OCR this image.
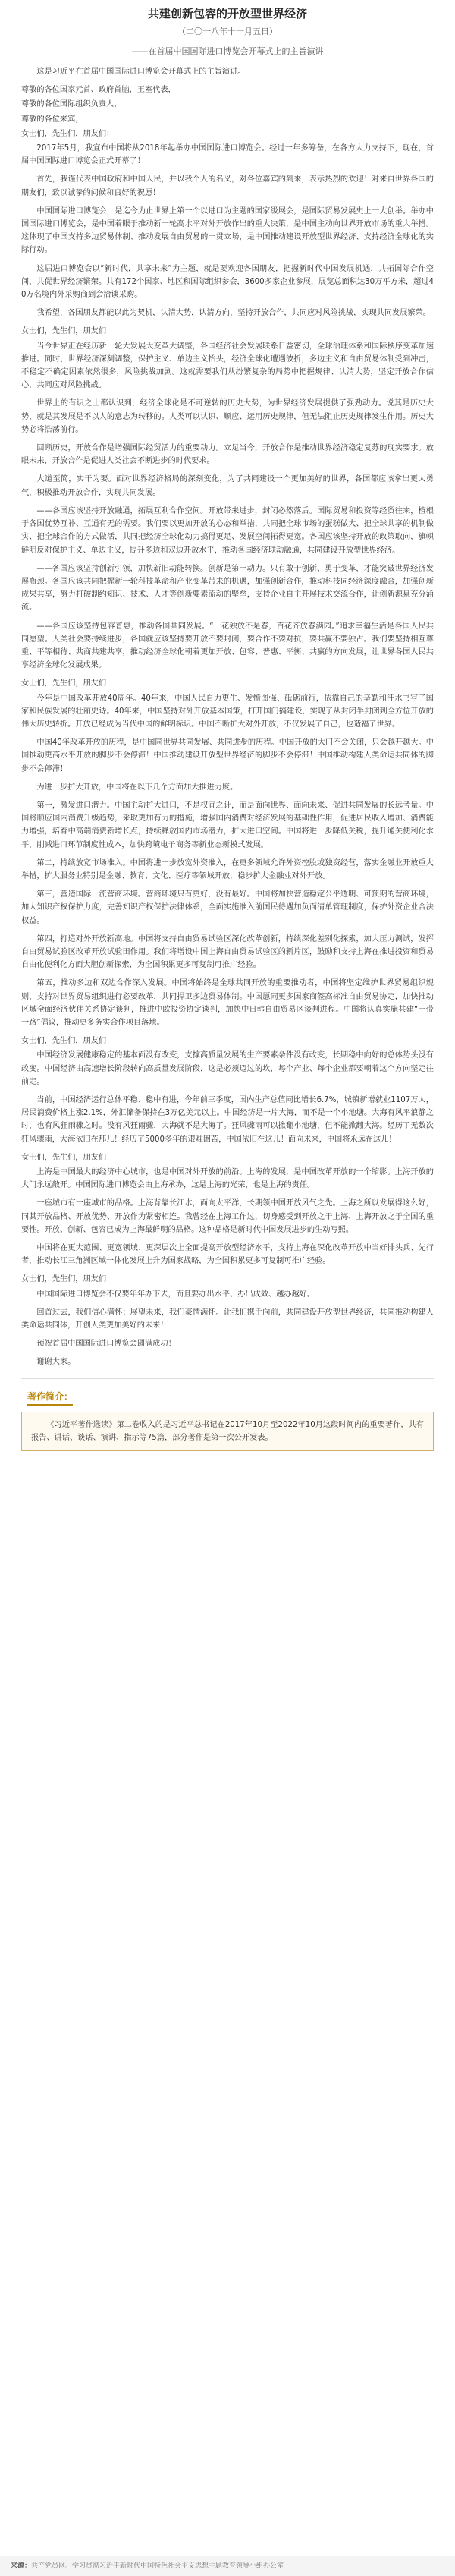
共建创新包容的开放型世界经济
（二〇一八年十一月五日）
——在首届中国国际进口博览会开幕式上的主旨演讲

这是习近平在首届中国国际进口博览会开幕式上的主旨演讲。

尊敬的各位国家元首、政府首脑，王室代表，

尊敬的各位国际组织负责人，

尊敬的各位来宾，

女士们，先生们，朋友们：

2017年5月，我宣布中国将从2018年起举办中国国际进口博览会。经过一年多筹备，在各方大力支持下，现在，首届中国国际进口博览会正式开幕了！

首先，我谨代表中国政府和中国人民，并以我个人的名义，对各位嘉宾的到来，表示热烈的欢迎！对来自世界各国的朋友们，致以诚挚的问候和良好的祝愿！

中国国际进口博览会，是迄今为止世界上第一个以进口为主题的国家级展会，是国际贸易发展史上一大创举。举办中国国际进口博览会，是中国着眼于推动新一轮高水平对外开放作出的重大决策，是中国主动向世界开放市场的重大举措。这体现了中国支持多边贸易体制、推动发展自由贸易的一贯立场，是中国推动建设开放型世界经济、支持经济全球化的实际行动。

这届进口博览会以“新时代，共享未来”为主题，就是要欢迎各国朋友，把握新时代中国发展机遇，共拓国际合作空间，共促世界经济繁荣。共有172个国家、地区和国际组织参会，3600多家企业参展，展览总面积达30万平方米，超过40万名境内外采购商到会洽谈采购。

我希望，各国朋友都能以此为契机，认清大势，认清方向，坚持开放合作，共同应对风险挑战，实现共同发展繁荣。

女士们，先生们，朋友们！

当今世界正在经历新一轮大发展大变革大调整，各国经济社会发展联系日益密切，全球治理体系和国际秩序变革加速推进。同时，世界经济深刻调整，保护主义、单边主义抬头，经济全球化遭遇波折，多边主义和自由贸易体制受到冲击，不稳定不确定因素依然很多，风险挑战加剧。这就需要我们从纷繁复杂的局势中把握规律、认清大势，坚定开放合作信心，共同应对风险挑战。

世界上的有识之士都认识到，经济全球化是不可逆转的历史大势，为世界经济发展提供了强劲动力。说其是历史大势，就是其发展是不以人的意志为转移的。人类可以认识、顺应、运用历史规律，但无法阻止历史规律发生作用。历史大势必将浩荡前行。

回顾历史，开放合作是增强国际经贸活力的重要动力。立足当今，开放合作是推动世界经济稳定复苏的现实要求。放眼未来，开放合作是促进人类社会不断进步的时代要求。

大道至简，实干为要。面对世界经济格局的深刻变化，为了共同建设一个更加美好的世界，各国都应该拿出更大勇气，积极推动开放合作，实现共同发展。

——各国应该坚持开放融通，拓展互利合作空间。开放带来进步，封闭必然落后。国际贸易和投资等经贸往来，植根于各国优势互补、互通有无的需要。我们要以更加开放的心态和举措，共同把全球市场的蛋糕做大、把全球共享的机制做实、把全球合作的方式做活，共同把经济全球化动力搞得更足、发展空间拓得更宽。各国应该坚持开放的政策取向，旗帜鲜明反对保护主义、单边主义，提升多边和双边开放水平，推动各国经济联动融通，共同建设开放型世界经济。

——各国应该坚持创新引领，加快新旧动能转换。创新是第一动力。只有敢于创新、勇于变革，才能突破世界经济发展瓶颈。各国应该共同把握新一轮科技革命和产业变革带来的机遇，加强创新合作，推动科技同经济深度融合，加强创新成果共享，努力打破制约知识、技术、人才等创新要素流动的壁垒，支持企业自主开展技术交流合作，让创新源泉充分涌流。

——各国应该坚持包容普惠，推动各国共同发展。“一花独放不是春，百花齐放春满园。”追求幸福生活是各国人民共同愿望。人类社会要持续进步，各国就应该坚持要开放不要封闭，要合作不要对抗，要共赢不要独占。我们要坚持相互尊重、平等相待、共商共建共享，推动经济全球化朝着更加开放、包容、普惠、平衡、共赢的方向发展，让世界各国人民共享经济全球化发展成果。

女士们，先生们，朋友们！

今年是中国改革开放40周年。40年来，中国人民自力更生、发愤图强、砥砺前行，依靠自己的辛勤和汗水书写了国家和民族发展的壮丽史诗。40年来，中国坚持对外开放基本国策，打开国门搞建设，实现了从封闭半封闭到全方位开放的伟大历史转折。开放已经成为当代中国的鲜明标识。中国不断扩大对外开放，不仅发展了自己，也造福了世界。

中国40年改革开放的历程，是中国同世界共同发展、共同进步的历程。中国开放的大门不会关闭，只会越开越大。中国推动更高水平开放的脚步不会停滞！中国推动建设开放型世界经济的脚步不会停滞！中国推动构建人类命运共同体的脚步不会停滞！

为进一步扩大开放，中国将在以下几个方面加大推进力度。

第一，激发进口潜力。中国主动扩大进口，不是权宜之计，而是面向世界、面向未来、促进共同发展的长远考量。中国将顺应国内消费升级趋势，采取更加有力的措施，增强国内消费对经济发展的基础性作用，促进居民收入增加、消费能力增强，培育中高端消费新增长点，持续释放国内市场潜力，扩大进口空间。中国将进一步降低关税，提升通关便利化水平，削减进口环节制度性成本，加快跨境电子商务等新业态新模式发展。

第二，持续放宽市场准入。中国将进一步放宽外资准入，在更多领域允许外资控股或独资经营，落实金融业开放重大举措，扩大服务业特别是金融、教育、文化、医疗等领域开放，稳步扩大金融业对外开放。

第三，营造国际一流营商环境。营商环境只有更好，没有最好。中国将加快营造稳定公平透明、可预期的营商环境，加大知识产权保护力度，完善知识产权保护法律体系，全面实施准入前国民待遇加负面清单管理制度，保护外资企业合法权益。

第四，打造对外开放新高地。中国将支持自由贸易试验区深化改革创新，持续深化差别化探索，加大压力测试，发挥自由贸易试验区改革开放试验田作用。我们将增设中国上海自由贸易试验区的新片区，鼓励和支持上海在推进投资和贸易自由化便利化方面大胆创新探索，为全国积累更多可复制可推广经验。

第五，推动多边和双边合作深入发展。中国将始终是全球共同开放的重要推动者，中国将坚定维护世界贸易组织规则，支持对世界贸易组织进行必要改革，共同捍卫多边贸易体制。中国愿同更多国家商签高标准自由贸易协定，加快推动区域全面经济伙伴关系协定谈判，推进中欧投资协定谈判，加快中日韩自由贸易区谈判进程。中国将认真实施共建“一带一路”倡议，推动更多务实合作项目落地。

女士们，先生们，朋友们！

中国经济发展健康稳定的基本面没有改变，支撑高质量发展的生产要素条件没有改变，长期稳中向好的总体势头没有改变。中国经济由高速增长阶段转向高质量发展阶段，这是必须迈过的坎，每个产业、每个企业都要朝着这个方向坚定往前走。

当前，中国经济运行总体平稳、稳中有进，今年前三季度，国内生产总值同比增长6.7%，城镇新增就业1107万人，居民消费价格上涨2.1%，外汇储备保持在3万亿美元以上。中国经济是一片大海，而不是一个小池塘。大海有风平浪静之时，也有风狂雨骤之时。没有风狂雨骤，大海就不是大海了。狂风骤雨可以掀翻小池塘，但不能掀翻大海。经历了无数次狂风骤雨，大海依旧在那儿！经历了5000多年的艰难困苦，中国依旧在这儿！面向未来，中国将永远在这儿！

女士们，先生们，朋友们！

上海是中国最大的经济中心城市，也是中国对外开放的前沿。上海的发展，是中国改革开放的一个缩影。上海开放的大门永远敞开。中国国际进口博览会由上海承办，这是上海的光荣，也是上海的责任。

一座城市有一座城市的品格。上海背靠长江水，面向太平洋，长期领中国开放风气之先。上海之所以发展得这么好，同其开放品格、开放优势、开放作为紧密相连。我曾经在上海工作过，切身感受到开放之于上海、上海开放之于全国的重要性。开放、创新、包容已成为上海最鲜明的品格。这种品格是新时代中国发展进步的生动写照。

中国将在更大范围、更宽领域、更深层次上全面提高开放型经济水平，支持上海在深化改革开放中当好排头兵、先行者，推动长江三角洲区域一体化发展上升为国家战略，为全国积累更多可复制可推广经验。

女士们，先生们，朋友们！

中国国际进口博览会不仅要年年办下去，而且要办出水平、办出成效、越办越好。

回首过去，我们信心满怀；展望未来，我们豪情满怀。让我们携手向前，共同建设开放型世界经济，共同推动构建人类命运共同体，开创人类更加美好的未来！

预祝首届中国国际进口博览会圆满成功！

谢谢大家。

著作简介：

《习近平著作选读》第二卷收入的是习近平总书记在2017年10月至2022年10月这段时间内的重要著作，共有报告、讲话、谈话、演讲、指示等75篇，部分著作是第一次公开发表。

来源：共产党员网。学习贯彻习近平新时代中国特色社会主义思想主题教育领导小组办公室
